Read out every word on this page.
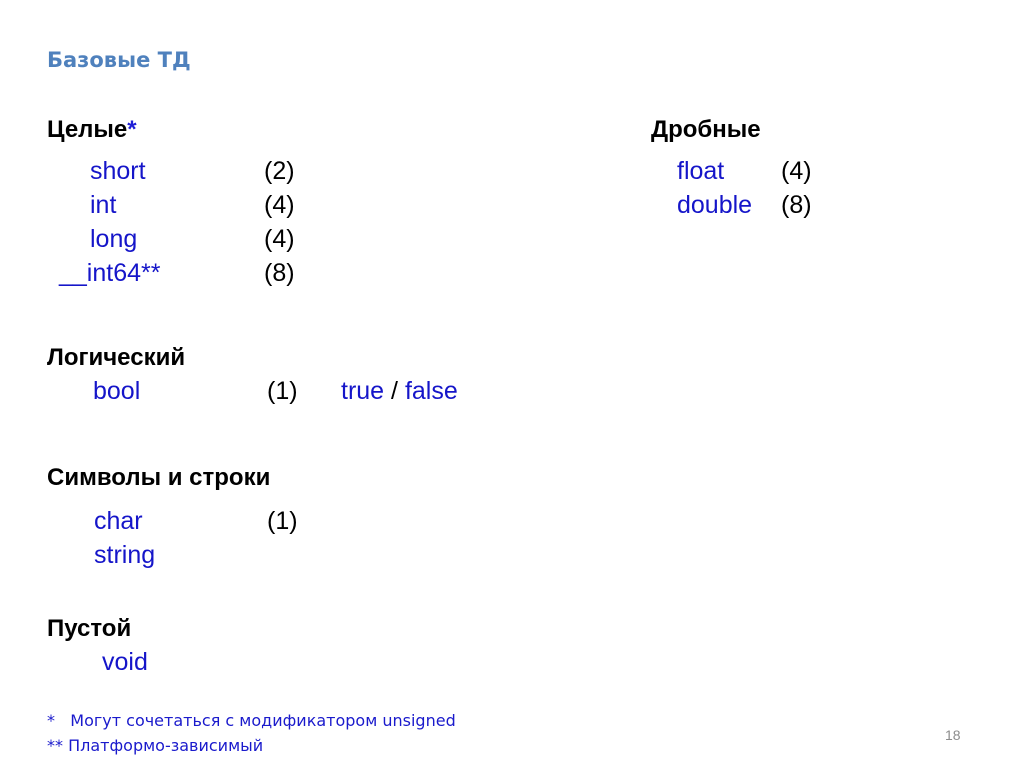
Базовые ТД
Целые*
short	(2)
int	(4)
long	(4)
__int64**	(8)
Дробные
float (4)
double (8)
Логический
bool	(1) true / false
Символы и строки
char	(1)
string
Пустой
void
* Могут сочетаться с модификатором unsigned
** Платформо-зависимый
18
